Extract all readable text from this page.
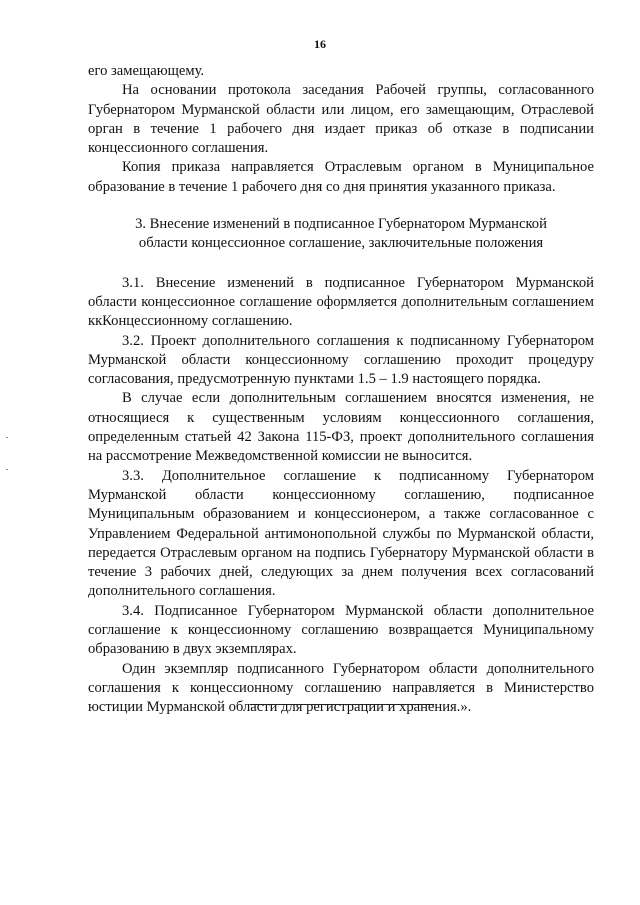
16

его замещающему.

На основании протокола заседания Рабочей группы, согласованного Губернатором Мурманской области или лицом, его замещающим, Отраслевой орган в течение 1 рабочего дня издает приказ об отказе в подписании концессионного соглашения.

Копия приказа направляется Отраслевым органом в Муниципальное образование в течение 1 рабочего дня со дня принятия указанного приказа.

3. Внесение изменений в подписанное Губернатором Мурманской
области концессионное соглашение, заключительные положения

3.1. Внесение изменений в подписанное Губернатором Мурманской области концессионное соглашение оформляется дополнительным соглашением ккКонцессионному соглашению.

3.2. Проект дополнительного соглашения к подписанному Губернатором Мурманской области концессионному соглашению проходит процедуру согласования, предусмотренную пунктами 1.5 – 1.9 настоящего порядка.

В случае если дополнительным соглашением вносятся изменения, не относящиеся к существенным условиям концессионного соглашения, определенным статьей 42 Закона 115-ФЗ, проект дополнительного соглашения на рассмотрение Межведомственной комиссии не выносится.

3.3. Дополнительное соглашение к подписанному Губернатором Мурманской области концессионному соглашению, подписанное Муниципальным образованием и концессионером, а также согласованное с Управлением Федеральной антимонопольной службы по Мурманской области, передается Отраслевым органом на подпись Губернатору Мурманской области в течение 3 рабочих дней, следующих за днем получения всех согласований дополнительного соглашения.

3.4. Подписанное Губернатором Мурманской области дополнительное соглашение к концессионному соглашению возвращается Муниципальному образованию в двух экземплярах.

Один экземпляр подписанного Губернатором области дополнительного соглашения к концессионному соглашению направляется в Министерство юстиции Мурманской области для регистрации и хранения.».
